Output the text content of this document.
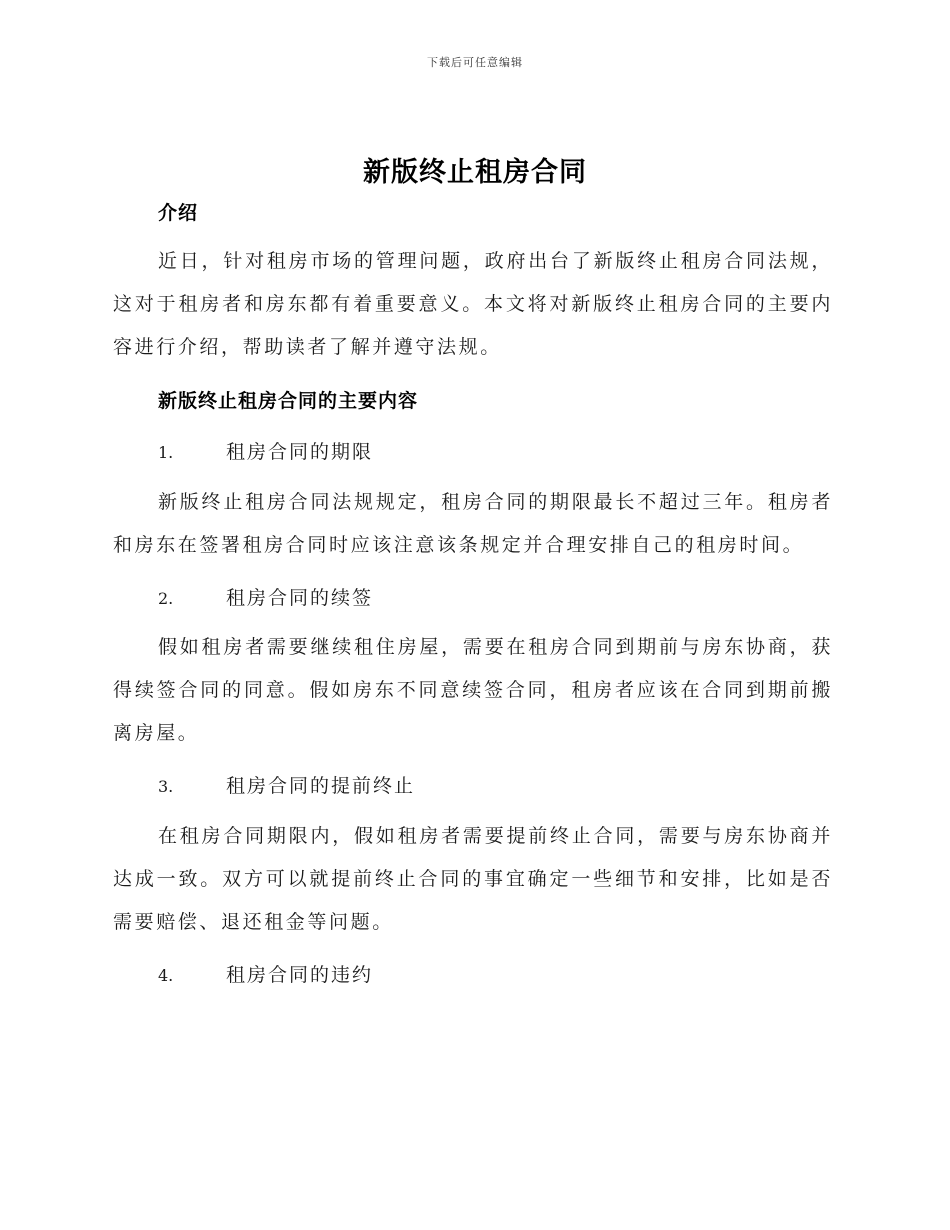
下载后可任意编辑
新版终止租房合同
介绍
近日，针对租房市场的管理问题，政府出台了新版终止租房合同法规，这对于租房者和房东都有着重要意义。本文将对新版终止租房合同的主要内容进行介绍，帮助读者了解并遵守法规。
新版终止租房合同的主要内容
1.	租房合同的期限
新版终止租房合同法规规定，租房合同的期限最长不超过三年。租房者和房东在签署租房合同时应该注意该条规定并合理安排自己的租房时间。
2.	租房合同的续签
假如租房者需要继续租住房屋，需要在租房合同到期前与房东协商，获得续签合同的同意。假如房东不同意续签合同，租房者应该在合同到期前搬离房屋。
3.	租房合同的提前终止
在租房合同期限内，假如租房者需要提前终止合同，需要与房东协商并达成一致。双方可以就提前终止合同的事宜确定一些细节和安排，比如是否需要赔偿、退还租金等问题。
4.	租房合同的违约
